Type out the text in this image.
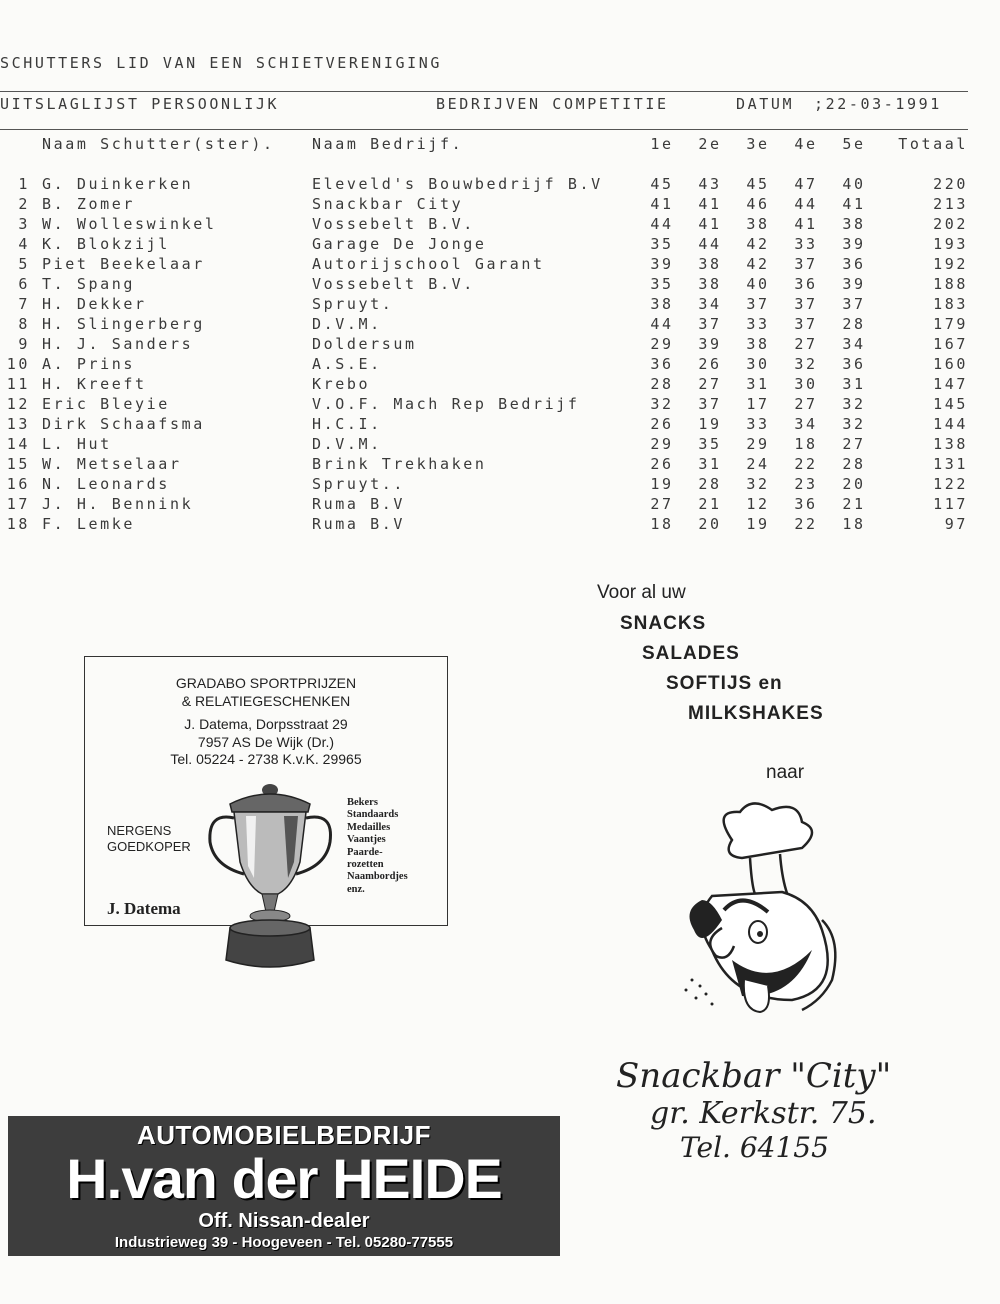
SCHUTTERS LID VAN EEN SCHIETVERENIGING
UITSLAGLIJST PERSOONLIJK	BEDRIJVEN COMPETITIE	DATUM ;22-03-1991
Naam Schutter(ster). Naam Bedrijf.	1e 2e 3e 4e 5e	Totaal
1 G. Duinkerken	Eleveld's Bouwbedrijf B.V	45 43 45 47 40	220
2 B. Zomer	Snackbar City	41 41 46 44 41	213
3 W. Wolleswinkel	Vossebelt B.V.	44 41 38 41 38	202
4 K. Blokzijl	Garage De Jonge	35 44 42 33 39	193
5 Piet Beekelaar	Autorijschool Garant	39 38 42 37 36	192
6 T. Spang	Vossebelt B.V.	35 38 40 36 39	188
7 H. Dekker	Spruyt.	38 34 37 37 37	183
8 H. Slingerberg	D.V.M.	44 37 33 37 28	179
9 H. J. Sanders	Doldersum	29 39 38 27 34	167
10 A. Prins	A.S.E.	36 26 30 32 36	160
11 H. Kreeft	Krebo	28 27 31 30 31	147
12 Eric Bleyie	V.O.F. Mach Rep Bedrijf	32 37 17 27 32	145
13 Dirk Schaafsma	H.C.I.	26 19 33 34 32	144
14 L. Hut	D.V.M.	29 35 29 18 27	138
15 W. Metselaar	Brink Trekhaken	26 31 24 22 28	131
16 N. Leonards	Spruyt..	19 28 32 23 20	122
17 J. H. Bennink	Ruma B.V	27 21 12 36 21	117
18 F. Lemke	Ruma B.V	18 20 19 22 18	97
GRADABO SPORTPRIJZEN
& RELATIEGESCHENKEN
J. Datema, Dorpsstraat 29
7957 AS De Wijk (Dr.)
Tel. 05224 - 2738 K.v.K. 29965
NERGENS
GOEDKOPER
Bekers
Standaards
Medailles
Vaantjes
Paarde-
rozetten
Naambordjes
enz.
J. Datema
Voor al uw
SNACKS
SALADES
SOFTIJS en
MILKSHAKES
naar
Snackbar "City"
gr. Kerkstr. 75.
Tel. 64155
AUTOMOBIELBEDRIJF
H.van der HEIDE
Off. Nissan-dealer
Industrieweg 39 - Hoogeveen - Tel. 05280-77555
